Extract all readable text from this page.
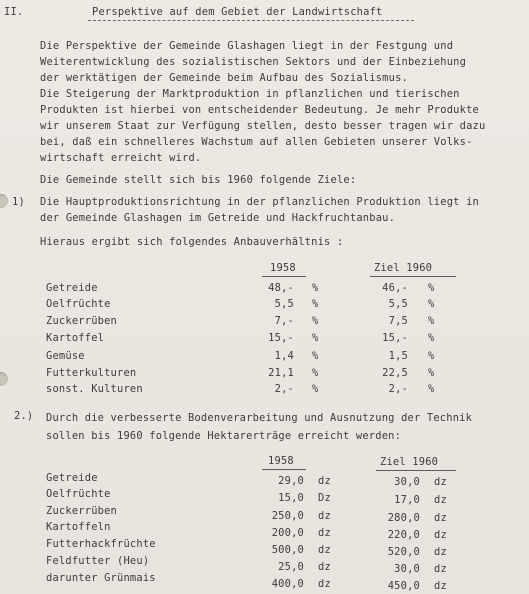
II.	Perspektive auf dem Gebiet der Landwirtschaft
Die Perspektive der Gemeinde Glashagen liegt in der Festgung und
Weiterentwicklung des sozialistischen Sektors und der Einbeziehung
der werktätigen der Gemeinde beim Aufbau des Sozialismus.
Die Steigerung der Marktproduktion in pflanzlichen und tierischen
Produkten ist hierbei von entscheidender Bedeutung. Je mehr Produkte
wir unserem Staat zur Verfügung stellen, desto besser tragen wir dazu
bei, daß ein schnelleres Wachstum auf allen Gebieten unserer Volks-
wirtschaft erreicht wird.
Die Gemeinde stellt sich bis 1960 folgende Ziele:
1) Die Hauptproduktionsrichtung in der pflanzlichen Produktion liegt in
der Gemeinde Glashagen im Getreide und Hackfruchtanbau.
Hieraus ergibt sich folgendes Anbauverhältnis :
1958	Ziel 1960
Getreide	48,- %	46,- %
Oelfrüchte	5,5 %	5,5 %
Zuckerrüben	7,- %	7,5 %
Kartoffel	15,- %	15,- %
Gemüse	1,4 %	1,5 %
Futterkulturen	21,1 %	22,5 %
sonst. Kulturen	2,- %	2,- %
2.) Durch die verbesserte Bodenverarbeitung und Ausnutzung der Technik
sollen bis 1960 folgende Hektarerträge erreicht werden:
1958	Ziel 1960
Getreide	29,0 dz	30,0 dz
Oelfrüchte	15,0 Dz	17,0 dz
Zuckerrüben	250,0 dz	280,0 dz
Kartoffeln	200,0 dz	220,0 dz
Futterhackfrüchte	500,0 dz	520,0 dz
Feldfutter (Heu)	25,0 dz	30,0 dz
darunter Grünmais	400,0 dz	450,0 dz
